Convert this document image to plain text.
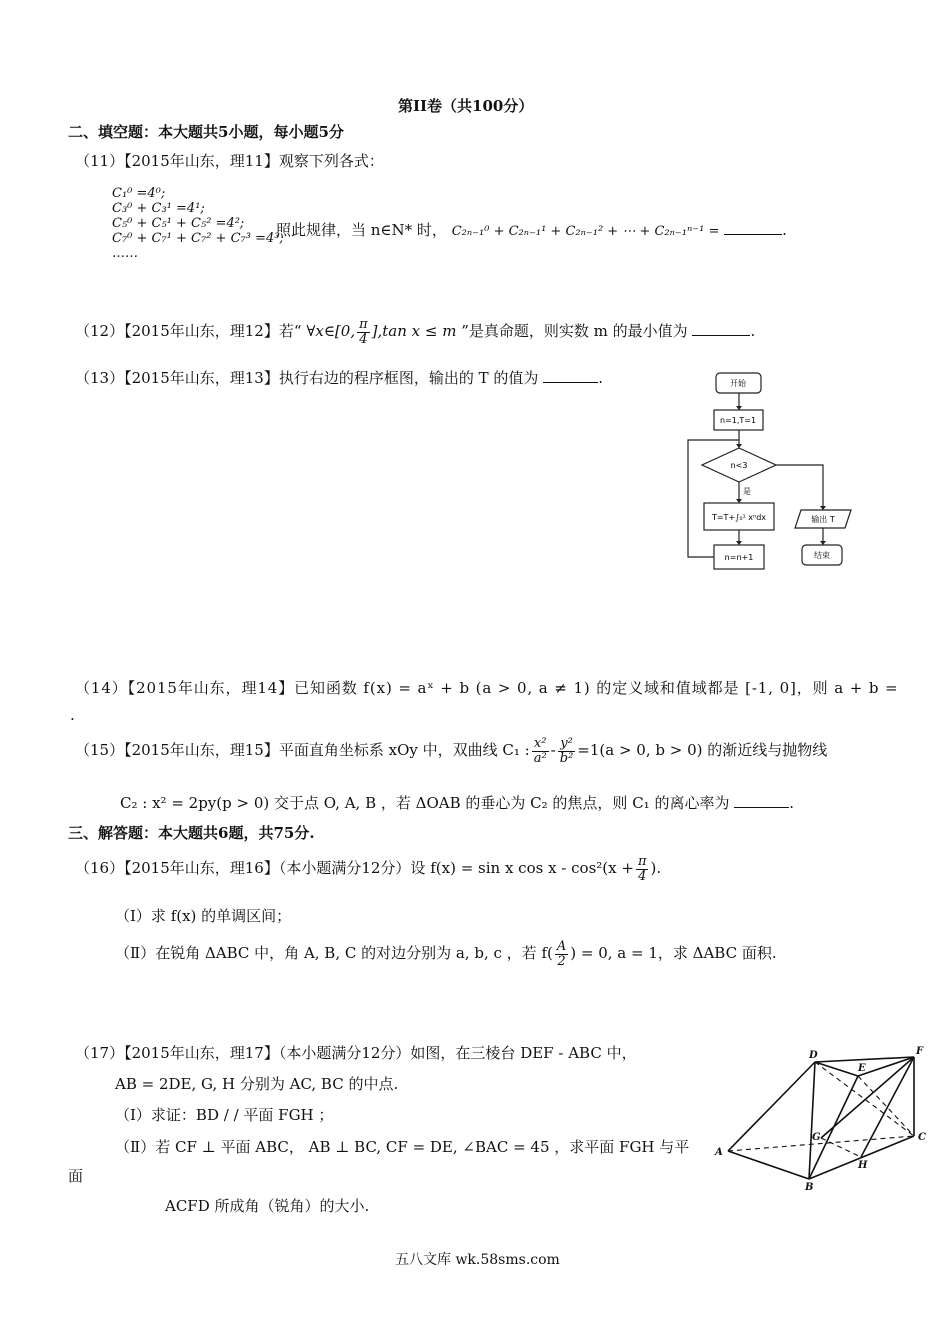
第II卷（共100分）
二、填空题：本大题共5小题，每小题5分
（11）【2015年山东，理11】观察下列各式：
C₁⁰ =4⁰;
C₃⁰ + C₃¹ =4¹;
C₅⁰ + C₅¹ + C₅² =4²;
C₇⁰ + C₇¹ + C₇² + C₇³ =4³;
……
照此规律，当 n∈N* 时， C₂ₙ₋₁⁰ + C₂ₙ₋₁¹ + C₂ₙ₋₁² + ⋯ + C₂ₙ₋₁ⁿ⁻¹ =	.
（12）【2015年山东，理12】若“ ∀x∈[0, $\frac{\pi}{4} ],\tan$ x ≤ m ”是真命题，则实数 m 的最小值为	.
（13）【2015年山东，理13】执行右边的程序框图，输出的 T 的值为	.	开始
n=1,T=1
n<3
是
T=T+∫₀¹ xⁿdx
n=n+1
输出 T
结束
（14）【2015年山东，理14】已知函数 f(x) = aˣ + b (a > 0, a ≠ 1) 的定义域和值域都是 [-1, 0]，则 a + b =
.
（15）【2015年山东，理15】平面直角坐标系 xOy 中，双曲线 C₁ : $\frac{\text{x²}}{\text{a²}} - \frac{\text{y²}}{\text{b²}} =1(a > 0$, b > 0) 的渐近线与抛物线
C₂ : x² = 2py(p > 0) 交于点 O, A, B ，若 ΔOAB 的垂心为 C₂ 的焦点，则 C₁ 的离心率为	.
三、解答题：本大题共6题，共75分.
（16）【2015年山东，理16】（本小题满分12分）设 f(x) = sin x $\cos x - \cos^2(x + \frac{\pi}{4}$ ).
（Ⅰ）求 f(x) 的单调区间；
（Ⅱ）在锐角 ΔABC 中，角 A, B, C 的对边分别为 a, b, c ，若 $f( \frac{A}{2}$ ) = 0, a = 1，求 ΔABC 面积.
（17）【2015年山东，理17】（本小题满分12分）如图，在三棱台 DEF - ABC 中，
AB = 2DE, G, H 分别为 AC, BC 的中点.
（Ⅰ）求证：BD / / 平面 FGH ；
（Ⅱ）若 CF ⊥ 平面 ABC， AB ⊥ BC, CF = DE, ∠BAC = 45 ，求平面 FGH 与平
面
ACFD 所成角（锐角）的大小.
D
E
F
G
A
H
B
C
五八文库 wk.58sms.com
